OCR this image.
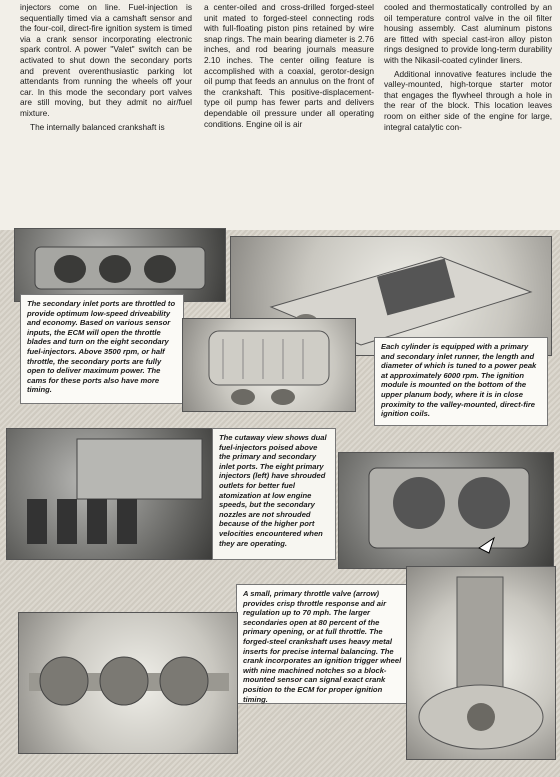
injectors come on line. Fuel-injection is sequentially timed via a camshaft sensor and the four-coil, direct-fire ignition system is timed via a crank sensor incorporating electronic spark control. A power "Valet" switch can be activated to shut down the secondary ports and prevent overenthusiastic parking lot attendants from running the wheels off your car. In this mode the secondary port valves are still moving, but they admit no air/fuel mixture.

The internally balanced crankshaft is

a center-oiled and cross-drilled forged-steel unit mated to forged-steel connecting rods with full-floating piston pins retained by wire snap rings. The main bearing diameter is 2.76 inches, and rod bearing journals measure 2.10 inches. The center oiling feature is accomplished with a coaxial, gerotor-design oil pump that feeds an annulus on the front of the crankshaft. This positive-displacement-type oil pump has fewer parts and delivers dependable oil pressure under all operating conditions. Engine oil is air

cooled and thermostatically controlled by an oil temperature control valve in the oil filter housing assembly. Cast aluminum pistons are fitted with special cast-iron alloy piston rings designed to provide long-term durability with the Nikasil-coated cylinder liners.

Additional innovative features include the valley-mounted, high-torque starter motor that engages the flywheel through a hole in the rear of the block. This location leaves room on either side of the engine for large, integral catalytic con-

The secondary inlet ports are throttled to provide optimum low-speed driveability and economy. Based on various sensor inputs, the ECM will open the throttle blades and turn on the eight secondary fuel-injectors. Above 3500 rpm, or half throttle, the secondary ports are fully open to deliver maximum power. The cams for these ports also have more timing.
Each cylinder is equipped with a primary and secondary inlet runner, the length and diameter of which is tuned to a power peak at approximately 6000 rpm. The ignition module is mounted on the bottom of the upper planum body, where it is in close proximity to the valley-mounted, direct-fire ignition coils.
The cutaway view shows dual fuel-injectors poised above the primary and secondary inlet ports. The eight primary injectors (left) have shrouded outlets for better fuel atomization at low engine speeds, but the secondary nozzles are not shrouded because of the higher port velocities encountered when they are operating.
A small, primary throttle valve (arrow) provides crisp throttle response and air regulation up to 70 mph. The larger secondaries open at 80 percent of the primary opening, or at full throttle. The forged-steel crankshaft uses heavy metal inserts for precise internal balancing. The crank incorporates an ignition trigger wheel with nine machined notches so a block-mounted sensor can signal exact crank position to the ECM for proper ignition timing.
